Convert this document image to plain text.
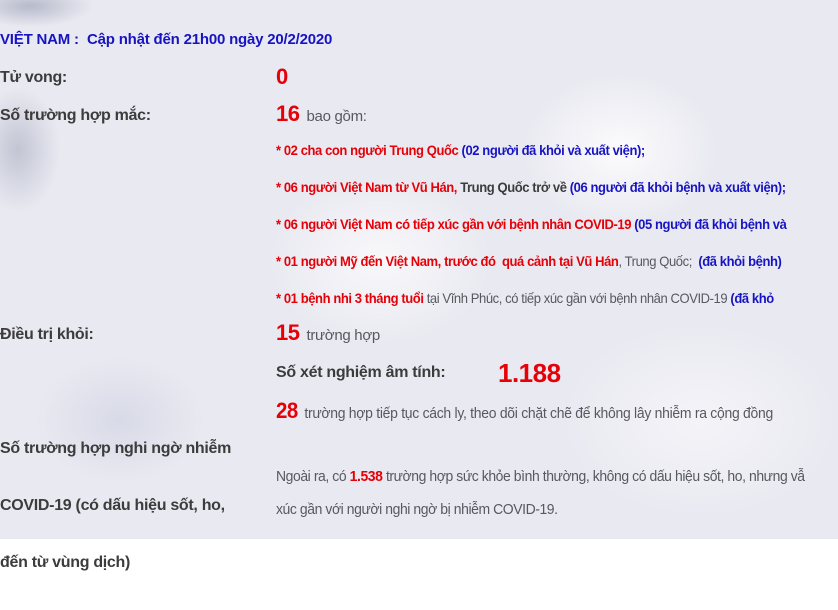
VIỆT NAM : Cập nhật đến 21h00 ngày 20/2/2020
Tử vong:	0
Số trường hợp mắc:	16 bao gồm:
* 02 cha con người Trung Quốc (02 người đã khỏi và xuất viện);
* 06 người Việt Nam từ Vũ Hán, Trung Quốc trở về (06 người đã khỏi bệnh và xuất viện);
* 06 người Việt Nam có tiếp xúc gần với bệnh nhân COVID-19 (05 người đã khỏi bệnh và
* 01 người Mỹ đến Việt Nam, trước đó  quá cảnh tại Vũ Hán, Trung Quốc;  (đã khỏi bệnh)
* 01 bệnh nhi 3 tháng tuổi tại Vĩnh Phúc, có tiếp xúc gần với bệnh nhân COVID-19 (đã khỏ
Điều trị khỏi:	15 trường hợp
Số xét nghiệm âm tính: 1.188

Số trường hợp nghi ngờ nhiễm

COVID-19 (có dấu hiệu sốt, ho,

đến từ vùng dịch)

28 trường hợp tiếp tục cách ly, theo dõi chặt chẽ để không lây nhiễm ra cộng đồng
Ngoài ra, có 1.538 trường hợp sức khỏe bình thường, không có dấu hiệu sốt, ho, nhưng vẫ
xúc gần với người nghi ngờ bị nhiễm COVID-19.
